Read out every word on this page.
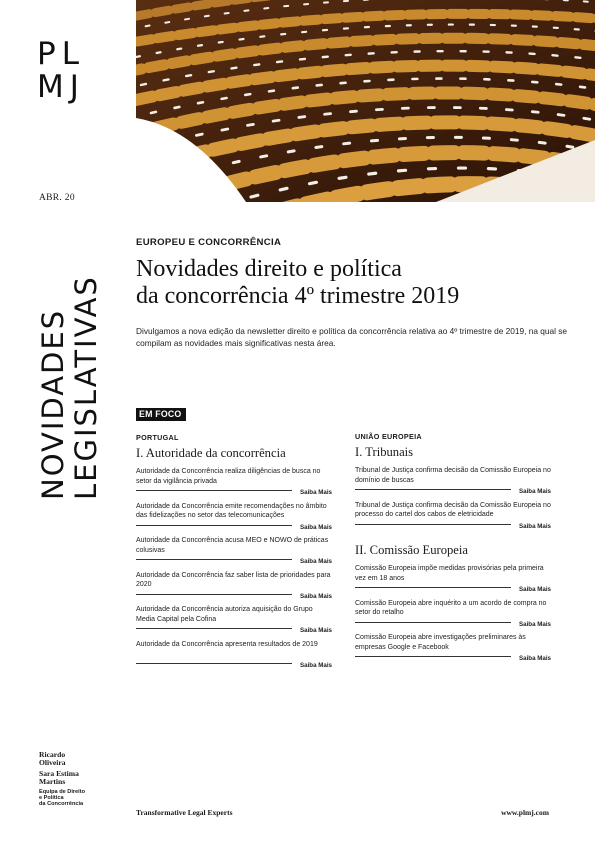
PL
MJ
ABR. 20
NOVIDADES LEGISLATIVAS
EUROPEU E CONCORRÊNCIA
Novidades direito e política
da concorrência 4º trimestre 2019
Divulgamos a nova edição da newsletter direito e política da concorrência relativa ao 4º trimestre de 2019, na qual se compilam as novidades mais significativas nesta área.
EM FOCO
PORTUGAL
I. Autoridade da concorrência
Autoridade da Concorrência realiza diligências de busca no setor da vigilância privada
Saiba Mais
Autoridade da Concorrência emite recomendações no âmbito das fidelizações no setor das telecomunicações
Saiba Mais
Autoridade da Concorrência acusa MEO e NOWO de práticas colusivas
Saiba Mais
Autoridade da Concorrência faz saber lista de prioridades para 2020
Saiba Mais
Autoridade da Concorrência autoriza aquisição do Grupo Media Capital pela Cofina
Saiba Mais
Autoridade da Concorrência apresenta resultados de 2019
Saiba Mais
UNIÃO EUROPEIA
I. Tribunais
Tribunal de Justiça confirma decisão da Comissão Europeia no domínio de buscas
Saiba Mais
Tribunal de Justiça confirma decisão da Comissão Europeia no processo do cartel dos cabos de eletricidade
Saiba Mais
II. Comissão Europeia
Comissão Europeia impõe medidas provisórias pela primeira vez em 18 anos
Saiba Mais
Comissão Europeia abre inquérito a um acordo de compra no setor do retalho
Saiba Mais
Comissão Europeia abre investigações preliminares às empresas Google e Facebook
Saiba Mais
Ricardo
Oliveira
Sara Estima
Martins
Equipa de Direito
e Política
da Concorrência
Transformative Legal Experts	www.plmj.com
